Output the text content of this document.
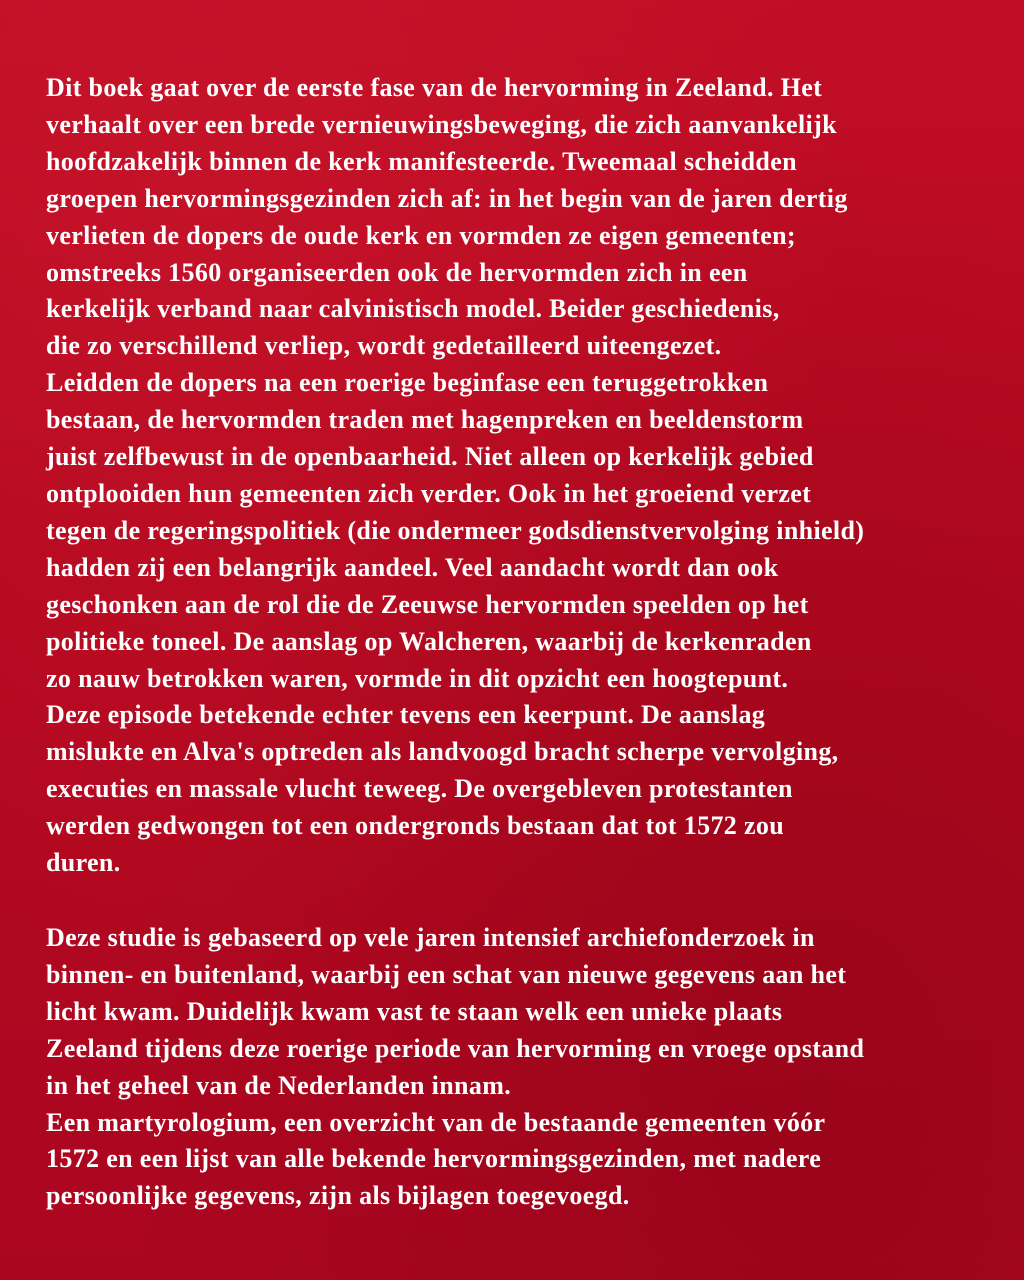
Dit boek gaat over de eerste fase van de hervorming in Zeeland. Het
verhaalt over een brede vernieuwingsbeweging, die zich aanvankelijk
hoofdzakelijk binnen de kerk manifesteerde. Tweemaal scheidden
groepen hervormingsgezinden zich af: in het begin van de jaren dertig
verlieten de dopers de oude kerk en vormden ze eigen gemeenten;
omstreeks 1560 organiseerden ook de hervormden zich in een
kerkelijk verband naar calvinistisch model. Beider geschiedenis,
die zo verschillend verliep, wordt gedetailleerd uiteengezet.
Leidden de dopers na een roerige beginfase een teruggetrokken
bestaan, de hervormden traden met hagenpreken en beeldenstorm
juist zelfbewust in de openbaarheid. Niet alleen op kerkelijk gebied
ontplooiden hun gemeenten zich verder. Ook in het groeiend verzet
tegen de regeringspolitiek (die ondermeer godsdienstvervolging inhield)
hadden zij een belangrijk aandeel. Veel aandacht wordt dan ook
geschonken aan de rol die de Zeeuwse hervormden speelden op het
politieke toneel. De aanslag op Walcheren, waarbij de kerkenraden
zo nauw betrokken waren, vormde in dit opzicht een hoogtepunt.
Deze episode betekende echter tevens een keerpunt. De aanslag
mislukte en Alva's optreden als landvoogd bracht scherpe vervolging,
executies en massale vlucht teweeg. De overgebleven protestanten
werden gedwongen tot een ondergronds bestaan dat tot 1572 zou
duren.
Deze studie is gebaseerd op vele jaren intensief archiefonderzoek in
binnen- en buitenland, waarbij een schat van nieuwe gegevens aan het
licht kwam. Duidelijk kwam vast te staan welk een unieke plaats
Zeeland tijdens deze roerige periode van hervorming en vroege opstand
in het geheel van de Nederlanden innam.
Een martyrologium, een overzicht van de bestaande gemeenten vóór
1572 en een lijst van alle bekende hervormingsgezinden, met nadere
persoonlijke gegevens, zijn als bijlagen toegevoegd.
